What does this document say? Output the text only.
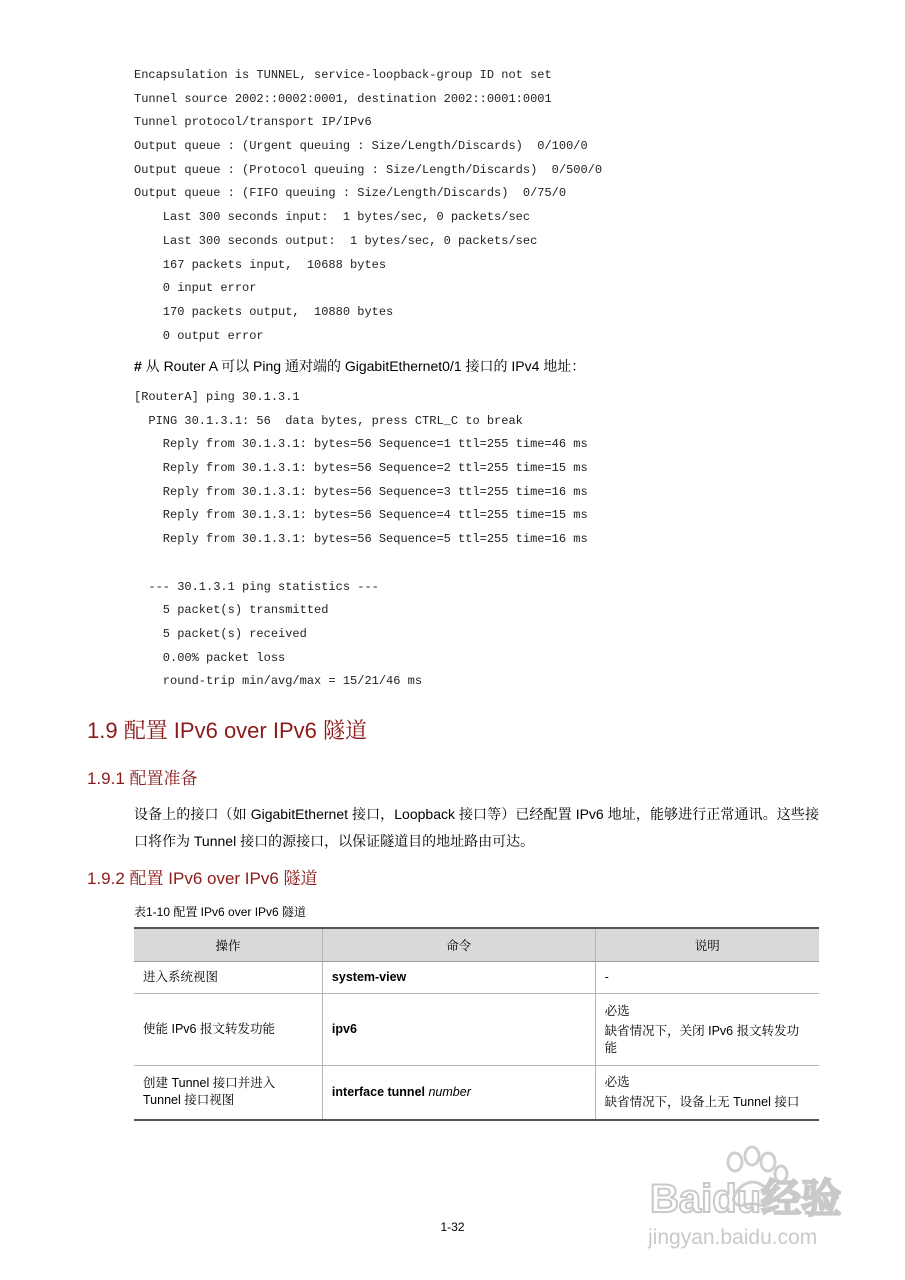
Encapsulation is TUNNEL, service-loopback-group ID not set
Tunnel source 2002::0002:0001, destination 2002::0001:0001
Tunnel protocol/transport IP/IPv6
Output queue : (Urgent queuing : Size/Length/Discards)  0/100/0
Output queue : (Protocol queuing : Size/Length/Discards)  0/500/0
Output queue : (FIFO queuing : Size/Length/Discards)  0/75/0
Last 300 seconds input:  1 bytes/sec, 0 packets/sec
Last 300 seconds output:  1 bytes/sec, 0 packets/sec
167 packets input,  10688 bytes
0 input error
170 packets output,  10880 bytes
0 output error
# 从 Router A 可以 Ping 通对端的 GigabitEthernet0/1 接口的 IPv4 地址：
[RouterA] ping 30.1.3.1
PING 30.1.3.1: 56  data bytes, press CTRL_C to break
Reply from 30.1.3.1: bytes=56 Sequence=1 ttl=255 time=46 ms
Reply from 30.1.3.1: bytes=56 Sequence=2 ttl=255 time=15 ms
Reply from 30.1.3.1: bytes=56 Sequence=3 ttl=255 time=16 ms
Reply from 30.1.3.1: bytes=56 Sequence=4 ttl=255 time=15 ms
Reply from 30.1.3.1: bytes=56 Sequence=5 ttl=255 time=16 ms
--- 30.1.3.1 ping statistics ---
5 packet(s) transmitted
5 packet(s) received
0.00% packet loss
round-trip min/avg/max = 15/21/46 ms
1.9 配置 IPv6 over IPv6 隧道
1.9.1 配置准备
设备上的接口（如 GigabitEthernet 接口，Loopback 接口等）已经配置 IPv6 地址，能够进行正常通讯。这些接口将作为 Tunnel 接口的源接口，以保证隧道目的地址路由可达。
1.9.2 配置 IPv6 over IPv6 隧道
表1-10 配置 IPv6 over IPv6 隧道
操作	命令	说明
进入系统视图	system-view	-

使能 IPv6 报文转发功能	ipv6	必选
缺省情况下，关闭 IPv6 报文转发功能

创建 Tunnel 接口并进入 Tunnel 接口视图	interface tunnel number	必选
缺省情况下，设备上无 Tunnel 接口
1-32
Baidu经验
jingyan.baidu.com
